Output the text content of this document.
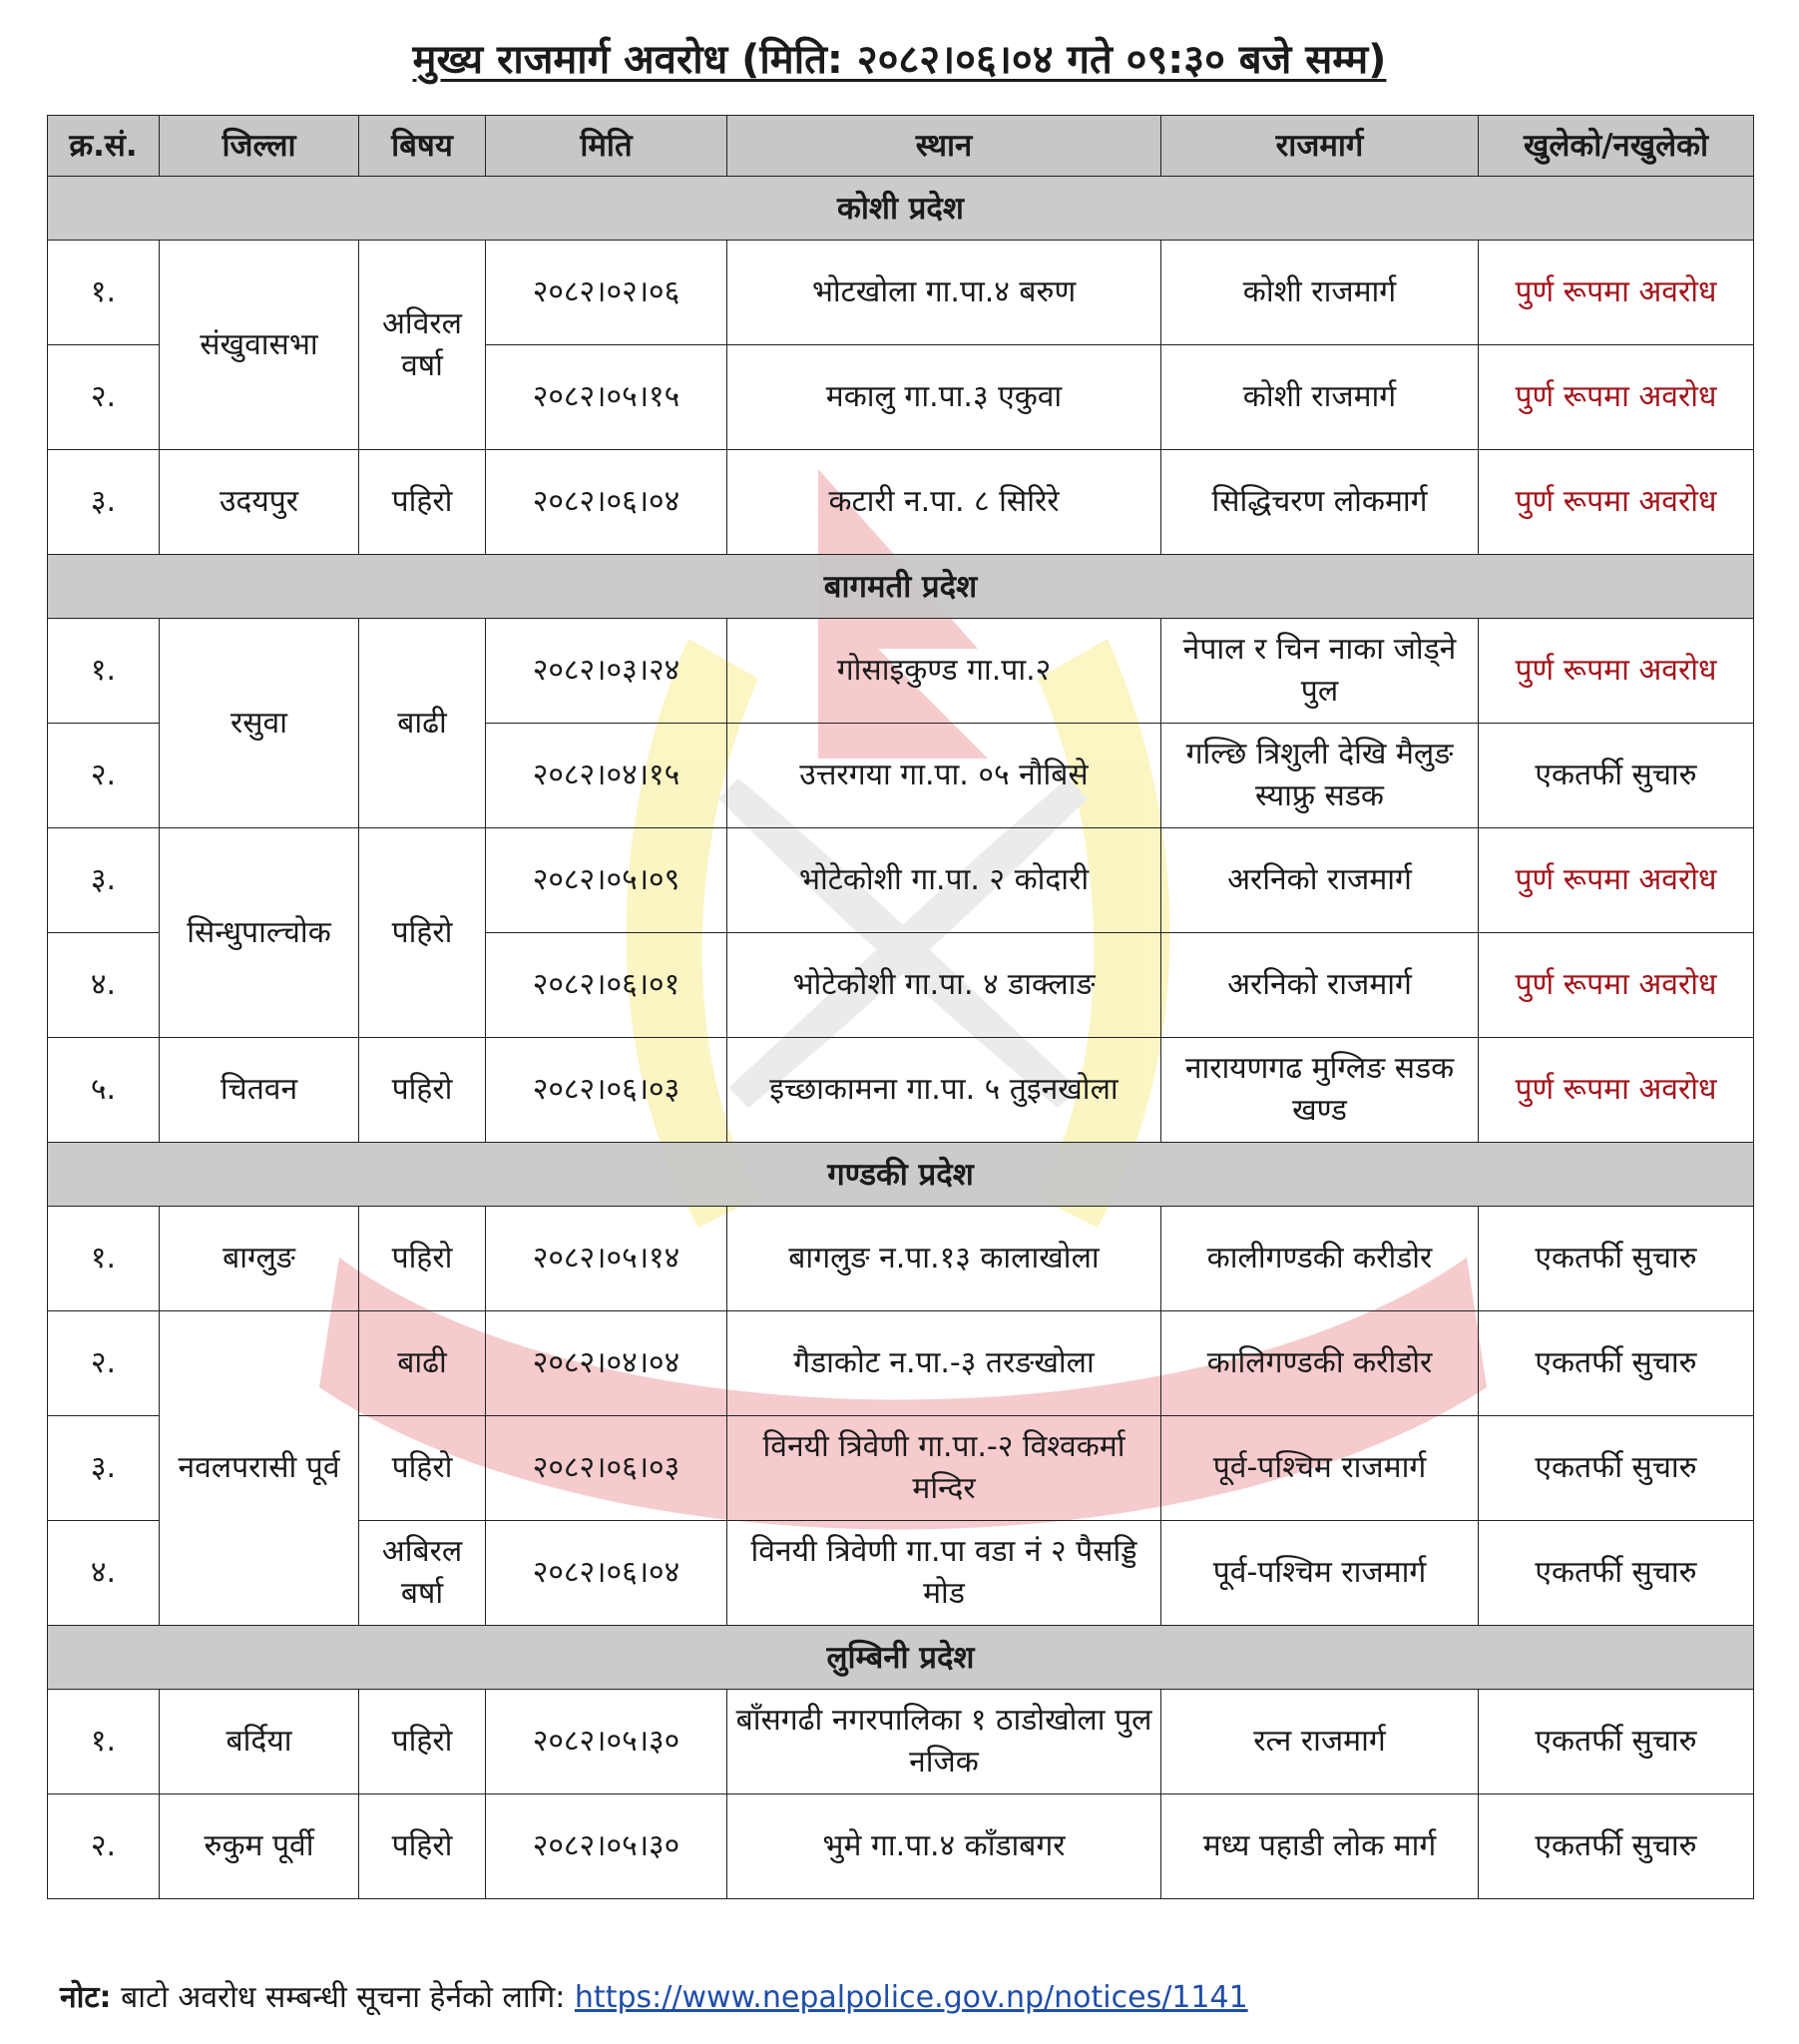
मुख्य राजमार्ग अवरोध (मिति: २०८२।०६।०४ गते ०९:३० बजे सम्म)
क्र.सं.	जिल्ला	बिषय	मिति	स्थान	राजमार्ग	खुलेको/नखुलेको
कोशी प्रदेश						
१.	संखुवासभा	अविरल वर्षा	२०८२।०२।०६	भोटखोला गा.पा.४ बरुण	कोशी राजमार्ग	पुर्ण रूपमा अवरोध
२.			२०८२।०५।१५	मकालु गा.पा.३ एकुवा	कोशी राजमार्ग	पुर्ण रूपमा अवरोध
३.	उदयपुर	पहिरो	२०८२।०६।०४	कटारी न.पा. ८ सिरिरे	सिद्धिचरण लोकमार्ग	पुर्ण रूपमा अवरोध
बागमती प्रदेश						
१.	रसुवा	बाढी	२०८२।०३।२४	गोसाइकुण्ड गा.पा.२	नेपाल र चिन नाका जोड्ने पुल	पुर्ण रूपमा अवरोध
२.			२०८२।०४।१५	उत्तरगया गा.पा. ०५ नौबिसे	गल्छि त्रिशुली देखि मैलुङ स्याफ्रु सडक	एकतर्फी सुचारु
३.	सिन्धुपाल्चोक	पहिरो	२०८२।०५।०९	भोटेकोशी गा.पा. २ कोदारी	अरनिको राजमार्ग	पुर्ण रूपमा अवरोध
४.			२०८२।०६।०१	भोटेकोशी गा.पा. ४ डाक्लाङ	अरनिको राजमार्ग	पुर्ण रूपमा अवरोध
५.	चितवन	पहिरो	२०८२।०६।०३	इच्छाकामना गा.पा. ५ तुइनखोला	नारायणगढ मुग्लिङ सडक खण्ड	पुर्ण रूपमा अवरोध
गण्डकी प्रदेश						
१.	बाग्लुङ	पहिरो	२०८२।०५।१४	बागलुङ न.पा.१३ कालाखोला	कालीगण्डकी करीडोर	एकतर्फी सुचारु
२.	नवलपरासी पूर्व	बाढी	२०८२।०४।०४	गैडाकोट न.पा.-३ तरङखोला	कालिगण्डकी करीडोर	एकतर्फी सुचारु
३.		पहिरो	२०८२।०६।०३	विनयी त्रिवेणी गा.पा.-२ विश्वकर्मा मन्दिर	पूर्व-पश्चिम राजमार्ग	एकतर्फी सुचारु
४.		अबिरल बर्षा	२०८२।०६।०४	विनयी त्रिवेणी गा.पा वडा नं २ पैसड्डि मोड	पूर्व-पश्चिम राजमार्ग	एकतर्फी सुचारु
लुम्बिनी प्रदेश						
१.	बर्दिया	पहिरो	२०८२।०५।३०	बाँसगढी नगरपालिका १ ठाडोखोला पुल नजिक	रत्न राजमार्ग	एकतर्फी सुचारु
२.	रुकुम पूर्वी	पहिरो	२०८२।०५।३०	भुमे गा.पा.४ काँडाबगर	मध्य पहाडी लोक मार्ग	एकतर्फी सुचारु
नोट: बाटो अवरोध सम्बन्धी सूचना हेर्नको लागि: https://www.nepalpolice.gov.np/notices/1141
